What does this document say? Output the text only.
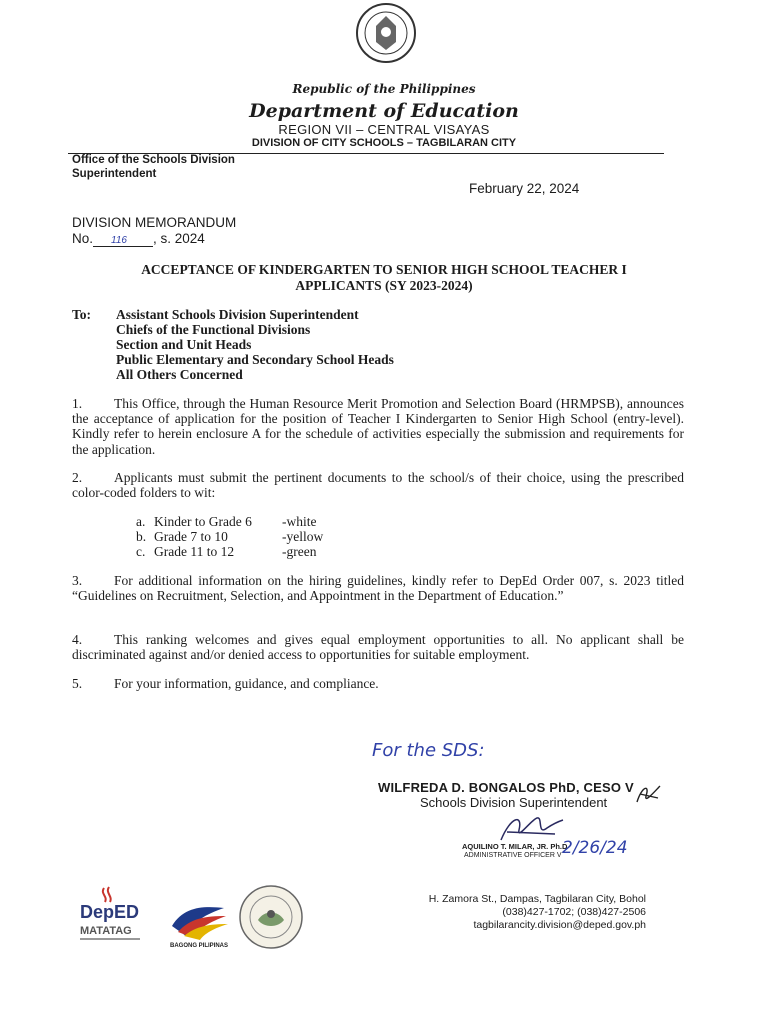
Republic of the Philippines
Department of Education
REGION VII – CENTRAL VISAYAS
DIVISION OF CITY SCHOOLS – TAGBILARAN CITY
Office of the Schools Division
Superintendent
February 22, 2024
DIVISION MEMORANDUM
No. 116 , s. 2024
ACCEPTANCE OF KINDERGARTEN TO SENIOR HIGH SCHOOL TEACHER I
APPLICANTS (SY 2023-2024)
To: Assistant Schools Division Superintendent
Chiefs of the Functional Divisions
Section and Unit Heads
Public Elementary and Secondary School Heads
All Others Concerned
1. This Office, through the Human Resource Merit Promotion and Selection Board (HRMPSB), announces the acceptance of application for the position of Teacher I Kindergarten to Senior High School (entry-level). Kindly refer to herein enclosure A for the schedule of activities especially the submission and requirements for the application.
2. Applicants must submit the pertinent documents to the school/s of their choice, using the prescribed color-coded folders to wit:
a.	Kinder to Grade 6	-white
b.	Grade 7 to 10	-yellow
c.	Grade 11 to 12	-green
3. For additional information on the hiring guidelines, kindly refer to DepEd Order 007, s. 2023 titled “Guidelines on Recruitment, Selection, and Appointment in the Department of Education.”
4. This ranking welcomes and gives equal employment opportunities to all. No applicant shall be discriminated against and/or denied access to opportunities for suitable employment.
5. For your information, guidance, and compliance.
For the SDS:
WILFREDA D. BONGALOS PhD, CESO V
Schools Division Superintendent
AQUILINO T. MILAR, JR. Ph.D
ADMINISTRATIVE OFFICER V 2/26/24
DepED
MATATAG
BAGONG PILIPINAS
H. Zamora St., Dampas, Tagbilaran City, Bohol
(038)427-1702; (038)427-2506
tagbilarancity.division@deped.gov.ph
